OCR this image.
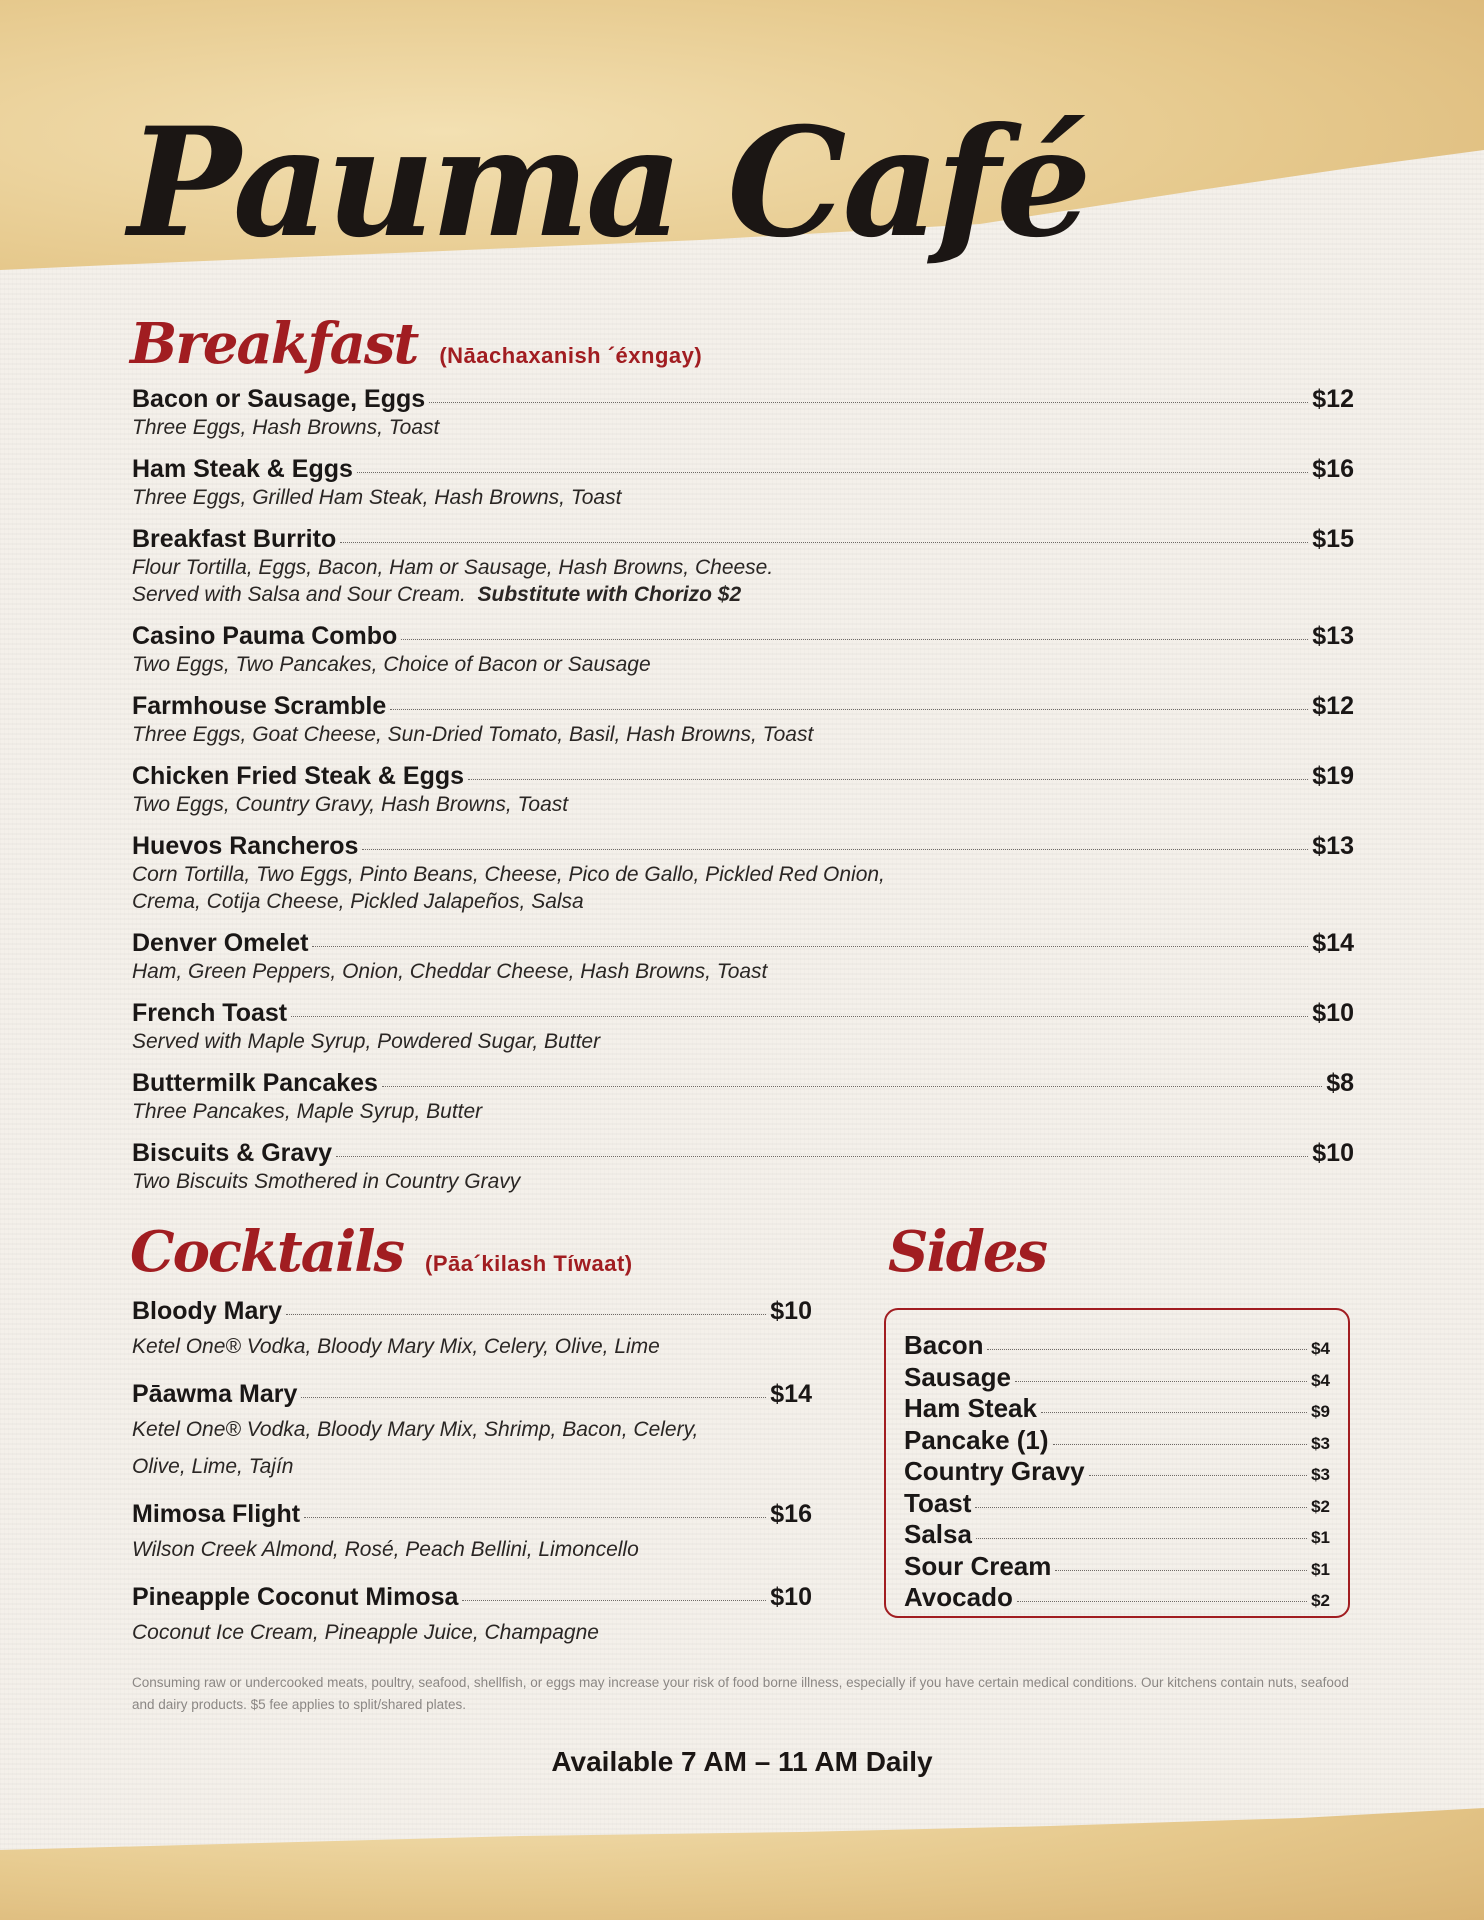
Pauma Café
Breakfast (Nāachaxanish ´éxngay)
Bacon or Sausage, Eggs	$12
Three Eggs, Hash Browns, Toast
Ham Steak & Eggs	$16
Three Eggs, Grilled Ham Steak, Hash Browns, Toast
Breakfast Burrito	$15
Flour Tortilla, Eggs, Bacon, Ham or Sausage, Hash Browns, Cheese.
Served with Salsa and Sour Cream. Substitute with Chorizo $2
Casino Pauma Combo	$13
Two Eggs, Two Pancakes, Choice of Bacon or Sausage
Farmhouse Scramble	$12
Three Eggs, Goat Cheese, Sun-Dried Tomato, Basil, Hash Browns, Toast
Chicken Fried Steak & Eggs	$19
Two Eggs, Country Gravy, Hash Browns, Toast
Huevos Rancheros	$13
Corn Tortilla, Two Eggs, Pinto Beans, Cheese, Pico de Gallo, Pickled Red Onion,
Crema, Cotija Cheese, Pickled Jalapeños, Salsa
Denver Omelet	$14
Ham, Green Peppers, Onion, Cheddar Cheese, Hash Browns, Toast
French Toast	$10
Served with Maple Syrup, Powdered Sugar, Butter
Buttermilk Pancakes	$8
Three Pancakes, Maple Syrup, Butter
Biscuits & Gravy	$10
Two Biscuits Smothered in Country Gravy
Cocktails (Pāa´kilash Tíwaat)
Bloody Mary	$10
Ketel One® Vodka, Bloody Mary Mix, Celery, Olive, Lime
Pāawma Mary	$14
Ketel One® Vodka, Bloody Mary Mix, Shrimp, Bacon, Celery,
Olive, Lime, Tajín
Mimosa Flight	$16
Wilson Creek Almond, Rosé, Peach Bellini, Limoncello
Pineapple Coconut Mimosa	$10
Coconut Ice Cream, Pineapple Juice, Champagne
Sides
Bacon	$4
Sausage	$4
Ham Steak	$9
Pancake (1)	$3
Country Gravy	$3
Toast	$2
Salsa	$1
Sour Cream	$1
Avocado	$2

Consuming raw or undercooked meats, poultry, seafood, shellfish, or eggs may increase your risk of food borne illness, especially if you have certain medical conditions. Our kitchens contain nuts, seafood and dairy products. $5 fee applies to split/shared plates.

Available 7 AM – 11 AM Daily
